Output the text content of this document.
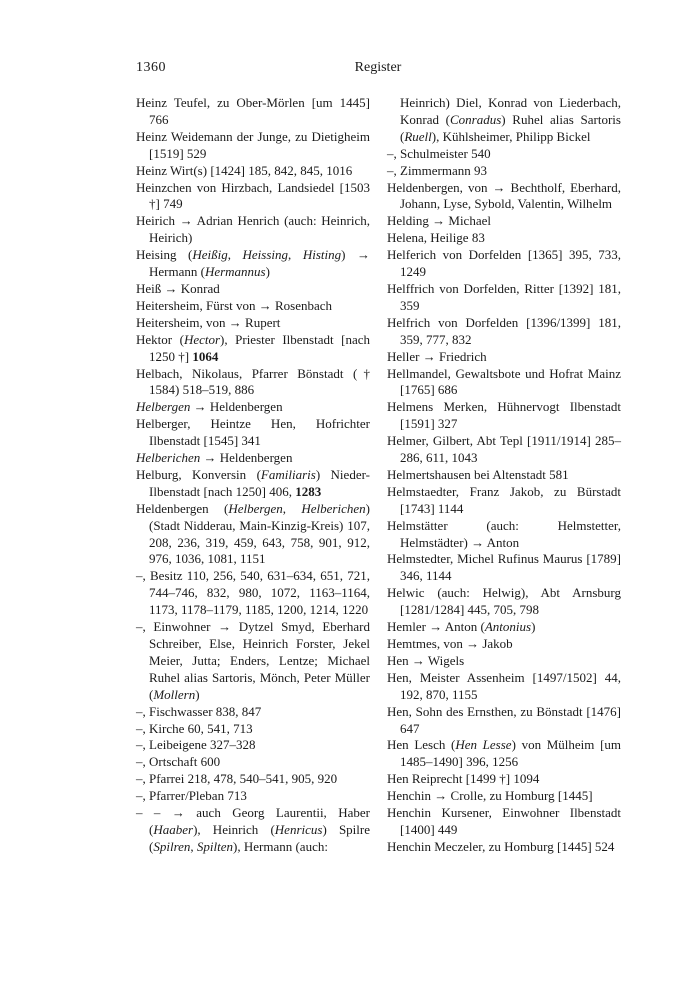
1360	Register

Heinz Teufel, zu Ober-Mörlen [um 1445] 766

Heinz Weidemann der Junge, zu Dietigheim [1519] 529

Heinz Wirt(s) [1424] 185, 842, 845, 1016

Heinzchen von Hirzbach, Landsiedel [1503 †] 749

Heirich → Adrian Henrich (auch: Heinrich, Heirich)

Heising (Heißig, Heissing, Histing) → Hermann (Hermannus)

Heiß → Konrad

Heitersheim, Fürst von → Rosenbach

Heitersheim, von → Rupert

Hektor (Hector), Priester Ilbenstadt [nach 1250 †] 1064

Helbach, Nikolaus, Pfarrer Bönstadt († 1584) 518–519, 886

Helbergen → Heldenbergen

Helberger, Heintze Hen, Hofrichter Ilbenstadt [1545] 341

Helberichen → Heldenbergen

Helburg, Konversin (Familiaris) Nieder-Ilbenstadt [nach 1250] 406, 1283

Heldenbergen (Helbergen, Helberichen) (Stadt Nidderau, Main-Kinzig-Kreis) 107, 208, 236, 319, 459, 643, 758, 901, 912, 976, 1036, 1081, 1151

–, Besitz 110, 256, 540, 631–634, 651, 721, 744–746, 832, 980, 1072, 1163–1164, 1173, 1178–1179, 1185, 1200, 1214, 1220

–, Einwohner → Dytzel Smyd, Eberhard Schreiber, Else, Heinrich Forster, Jekel Meier, Jutta; Enders, Lentze; Michael Ruhel alias Sartoris, Mönch, Peter Müller (Mollern)

–, Fischwasser 838, 847

–, Kirche 60, 541, 713

–, Leibeigene 327–328

–, Ortschaft 600

–, Pfarrei 218, 478, 540–541, 905, 920

–, Pfarrer/Pleban 713

– – → auch Georg Laurentii, Haber (Haaber), Heinrich (Henricus) Spilre (Spilren, Spilten), Hermann (auch:

Heinrich) Diel, Konrad von Liederbach, Konrad (Conradus) Ruhel alias Sartoris (Ruell), Kühlsheimer, Philipp Bickel

–, Schulmeister 540

–, Zimmermann 93

Heldenbergen, von → Bechtholf, Eberhard, Johann, Lyse, Sybold, Valentin, Wilhelm

Helding → Michael

Helena, Heilige 83

Helferich von Dorfelden [1365] 395, 733, 1249

Helffrich von Dorfelden, Ritter [1392] 181, 359

Helfrich von Dorfelden [1396/1399] 181, 359, 777, 832

Heller → Friedrich

Hellmandel, Gewaltsbote und Hofrat Mainz [1765] 686

Helmens Merken, Hühnervogt Ilbenstadt [1591] 327

Helmer, Gilbert, Abt Tepl [1911/1914] 285–286, 611, 1043

Helmertshausen bei Altenstadt 581

Helmstaedter, Franz Jakob, zu Bürstadt [1743] 1144

Helmstätter (auch: Helmstetter, Helmstädter) → Anton

Helmstedter, Michel Rufinus Maurus [1789] 346, 1144

Helwic (auch: Helwig), Abt Arnsburg [1281/1284] 445, 705, 798

Hemler → Anton (Antonius)

Hemtmes, von → Jakob

Hen → Wigels

Hen, Meister Assenheim [1497/1502] 44, 192, 870, 1155

Hen, Sohn des Ernsthen, zu Bönstadt [1476] 647

Hen Lesch (Hen Lesse) von Mülheim [um 1485–1490] 396, 1256

Hen Reiprecht [1499 †] 1094

Henchin → Crolle, zu Homburg [1445]

Henchin Kursener, Einwohner Ilbenstadt [1400] 449

Henchin Meczeler, zu Homburg [1445] 524
